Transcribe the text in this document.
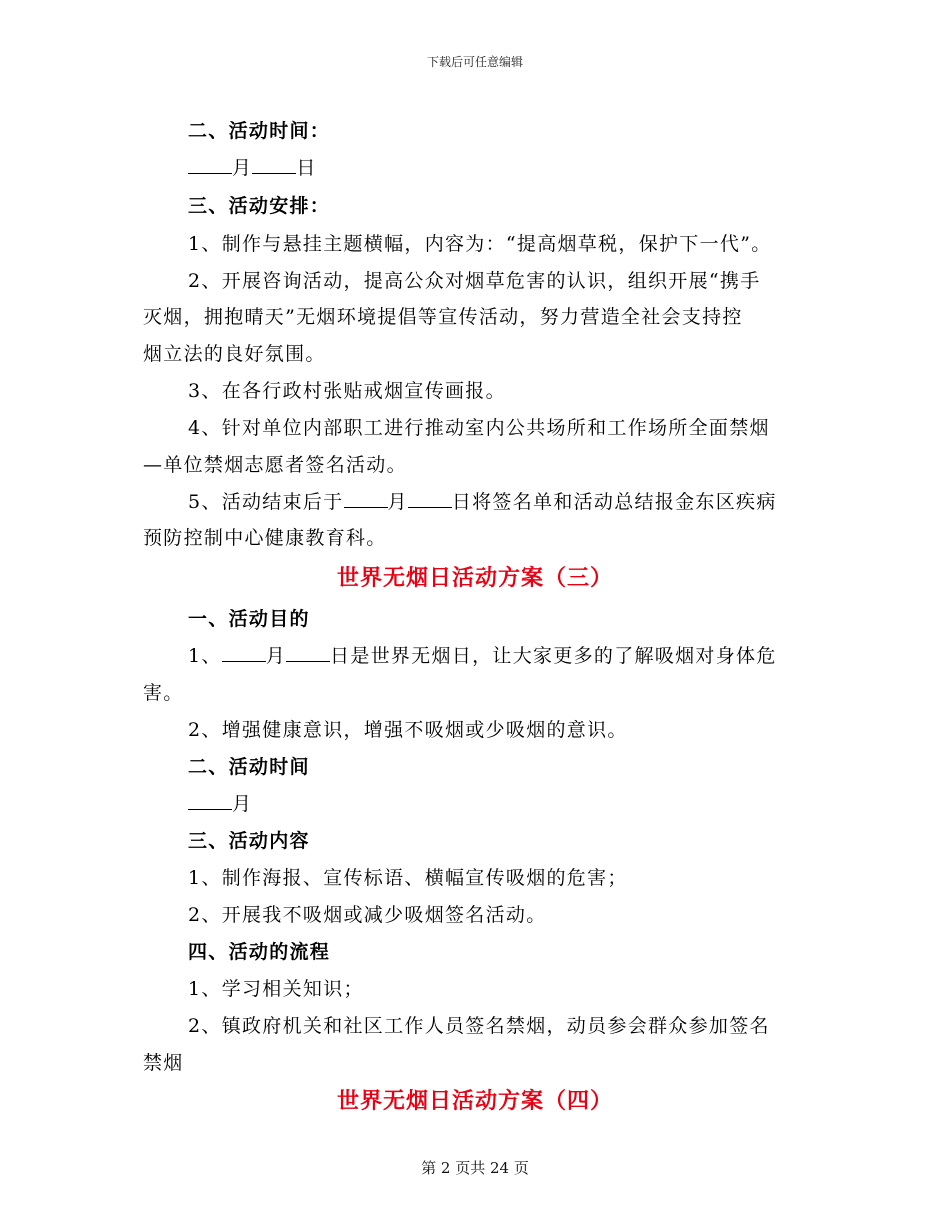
下载后可任意编辑
二、活动时间：
月 日
三、活动安排：
1、制作与悬挂主题横幅，内容为：“提高烟草税，保护下一代”。
2、开展咨询活动，提高公众对烟草危害的认识，组织开展“携手
灭烟，拥抱晴天”无烟环境提倡等宣传活动，努力营造全社会支持控
烟立法的良好氛围。
3、在各行政村张贴戒烟宣传画报。
4、针对单位内部职工进行推动室内公共场所和工作场所全面禁烟
—单位禁烟志愿者签名活动。
5、活动结束后于 月 日将签名单和活动总结报金东区疾病
预防控制中心健康教育科。
世界无烟日活动方案（三）
一、活动目的
1、 月 日是世界无烟日，让大家更多的了解吸烟对身体危
害。
2、增强健康意识，增强不吸烟或少吸烟的意识。
二、活动时间
月
三、活动内容
1、制作海报、宣传标语、横幅宣传吸烟的危害；
2、开展我不吸烟或减少吸烟签名活动。
四、活动的流程
1、学习相关知识；
2、镇政府机关和社区工作人员签名禁烟，动员参会群众参加签名
禁烟
世界无烟日活动方案（四）
第 2 页共 24 页
